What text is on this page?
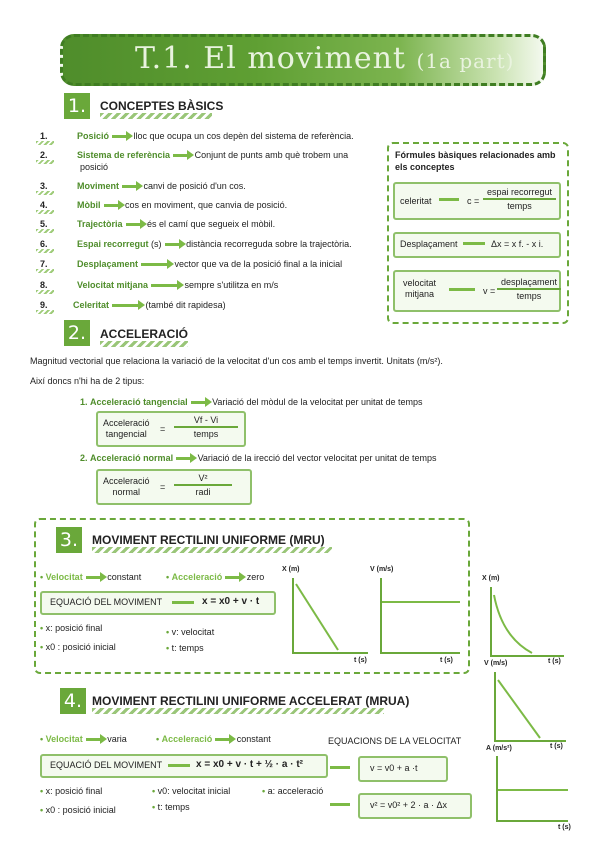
T.1. El moviment (1a part)
1.	CONCEPTES BÀSICS
1.	Posició	lloc que ocupa un cos depèn del sistema de referència.
2.	Sistema de referència	Conjunt de punts amb què trobem una
posició
3.	Moviment	canvi de posició d'un cos.
4.	Mòbil	cos en moviment, que canvia de posició.
5.	Trajectòria	és el camí que segueix el mòbil.
6.	Espai recorregut (s)	distància recorreguda sobre la trajectòria.
7.	Desplaçament	vector que va de la posició final a la inicial
8.	Velocitat mitjana	sempre s'utilitza en m/s
9.	Celeritat	(també dit rapidesa)
Fórmules bàsiques relacionades amb els conceptes
celeritat	c =
espai recorregut
temps
Desplaçament	Δx = x f. - x i.
velocitat
mitjana	v =
desplaçament
temps
2.	ACCELERACIÓ
Magnitud vectorial que relaciona la variació de la velocitat d'un cos amb el temps invertit. Unitats (m/s²).
Així doncs n'hi ha de 2 tipus:
1. Acceleració tangencial	Variació del mòdul de la velocitat per unitat de temps
Acceleració
tangencial	=
Vf - Vi
temps
2. Acceleració normal	Variació de la irecció del vector velocitat per unitat de temps
Acceleració
normal	=
V²
radi
3.	MOVIMENT RECTILINI UNIFORME (MRU)
• Velocitat	constant	• Acceleració	zero
EQUACIÓ DEL MOVIMENT	x = x0 + v · t
• x: posició final	• v: velocitat
• x0 : posició inicial	• t: temps
X (m)
t (s)
V (m/s)
t (s)
4. MOVIMENT RECTILINI UNIFORME ACCELERAT (MRUA)
• Velocitat	varia	• Acceleració	constant
EQUACIÓ DEL MOVIMENT	x = x0 + v · t + ½ · a · t²
• x: posició final	• v0: velocitat inicial	• a: acceleració
• x0 : posició inicial	• t: temps
EQUACIONS DE LA VELOCITAT
v = v0 + a ·t
v² = v0² + 2 · a · Δx
X (m)
t (s)
V (m/s)
t (s)
A (m/s²)
t (s)
